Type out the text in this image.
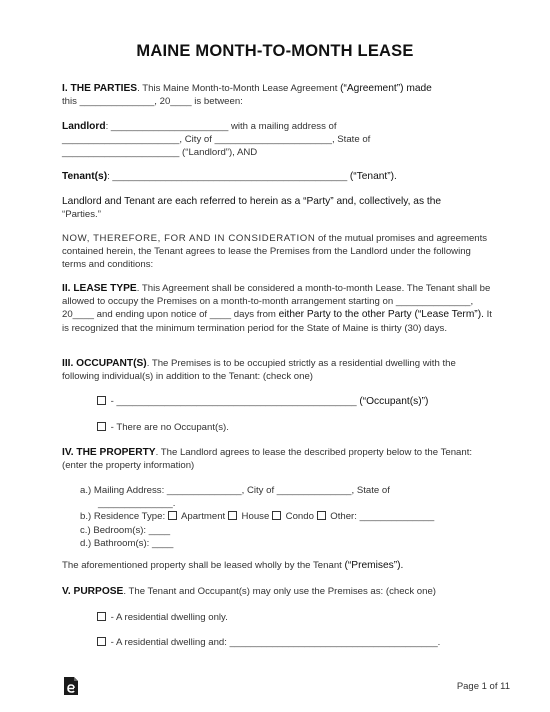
MAINE MONTH-TO-MONTH LEASE
I. THE PARTIES. This Maine Month-to-Month Lease Agreement (“Agreement”) made
this ______________, 20____ is between:
Landlord: ______________________ with a mailing address of
______________________, City of ______________________, State of
______________________ (“Landlord”), AND
Tenant(s): ____________________________________________ (“Tenant”).
Landlord and Tenant are each referred to herein as a “Party” and, collectively, as the
“Parties.”
NOW, THEREFORE, FOR AND IN CONSIDERATION of the mutual promises and agreements contained herein, the Tenant agrees to lease the Premises from the Landlord under the following terms and conditions:
II. LEASE TYPE. This Agreement shall be considered a month-to-month Lease. The Tenant shall be allowed to occupy the Premises on a month-to-month arrangement starting on ______________, 20____ and ending upon notice of ____ days from either Party to the other Party (“Lease Term”). It is recognized that the minimum termination period for the State of Maine is thirty (30) days.
III. OCCUPANT(S). The Premises is to be occupied strictly as a residential dwelling with the following individual(s) in addition to the Tenant: (check one)
- _____________________________________________ (“Occupant(s)”)
- There are no Occupant(s).
IV. THE PROPERTY. The Landlord agrees to lease the described property below to the Tenant: (enter the property information)
a.) Mailing Address: ______________, City of ______________, State of
______________.
b.) Residence Type:  Apartment  House  Condo  Other: ______________
c.) Bedroom(s): ____
d.) Bathroom(s): ____
The aforementioned property shall be leased wholly by the Tenant (“Premises”).
V. PURPOSE. The Tenant and Occupant(s) may only use the Premises as: (check one)
- A residential dwelling only.
- A residential dwelling and: _______________________________________.
Page 1 of 11
